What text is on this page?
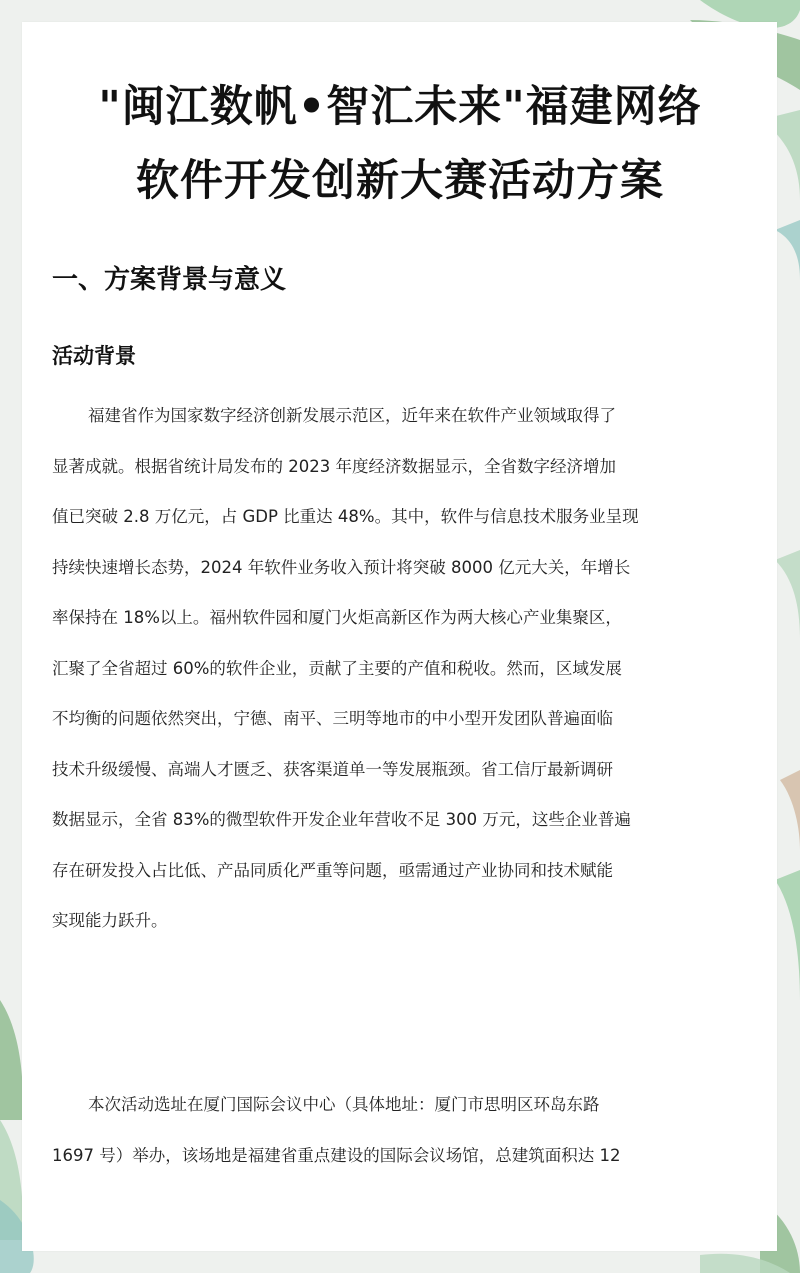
"闽江数帆•智汇未来"福建网络
软件开发创新大赛活动方案
一、方案背景与意义
活动背景
福建省作为国家数字经济创新发展示范区，近年来在软件产业领域取得了
显著成就。根据省统计局发布的 2023 年度经济数据显示，全省数字经济增加
值已突破 2.8 万亿元，占 GDP 比重达 48%。其中，软件与信息技术服务业呈现
持续快速增长态势，2024 年软件业务收入预计将突破 8000 亿元大关，年增长
率保持在 18%以上。福州软件园和厦门火炬高新区作为两大核心产业集聚区，
汇聚了全省超过 60%的软件企业，贡献了主要的产值和税收。然而，区域发展
不均衡的问题依然突出，宁德、南平、三明等地市的中小型开发团队普遍面临
技术升级缓慢、高端人才匮乏、获客渠道单一等发展瓶颈。省工信厅最新调研
数据显示，全省 83%的微型软件开发企业年营收不足 300 万元，这些企业普遍
存在研发投入占比低、产品同质化严重等问题，亟需通过产业协同和技术赋能
实现能力跃升。
本次活动选址在厦门国际会议中心（具体地址：厦门市思明区环岛东路
1697 号）举办，该场地是福建省重点建设的国际会议场馆，总建筑面积达 12
